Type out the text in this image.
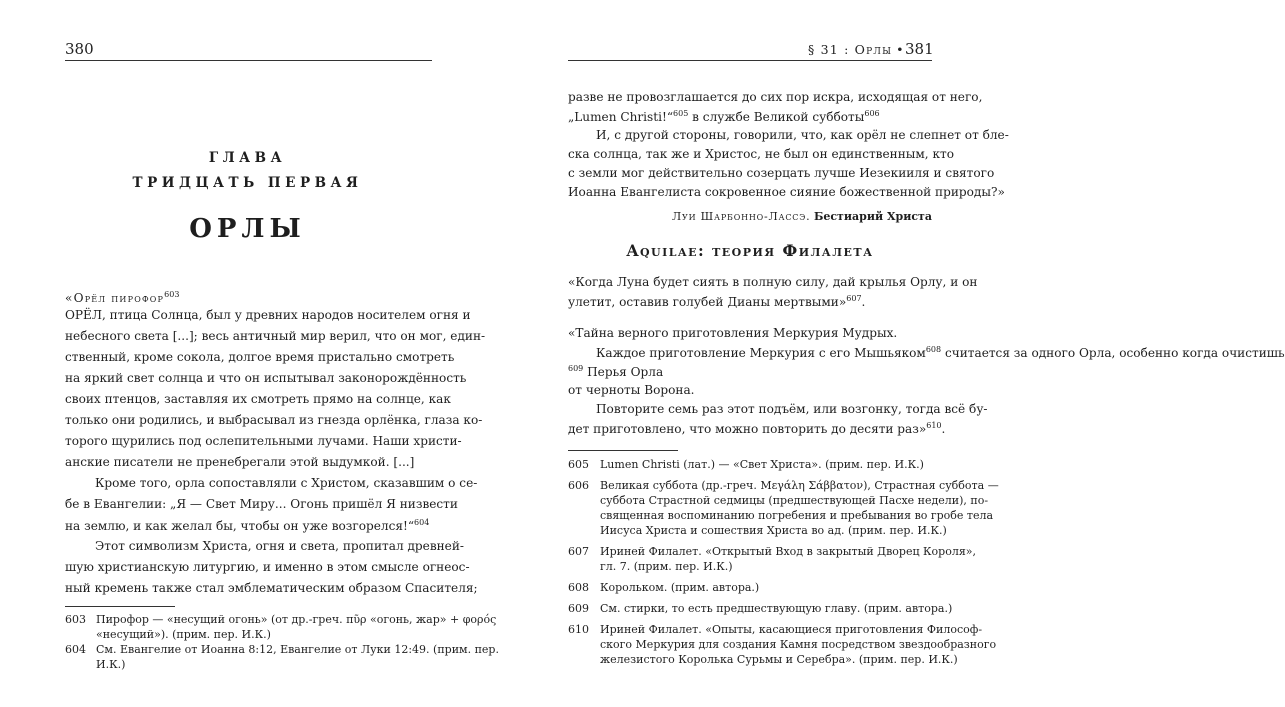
380
ГЛАВА
ТРИДЦАТЬ ПЕРВАЯ
ОРЛЫ
«Орёл пирофор$^{603}$
ОРЁЛ, птица Солнца, был у древних народов носителем огня и
небесного света [...]; весь античный мир верил, что он мог, един-
ственный, кроме сокола, долгое время пристально смотреть
на яркий свет солнца и что он испытывал законорождённость
своих птенцов, заставляя их смотреть прямо на солнце, как
только они родились, и выбрасывал из гнезда орлёнка, глаза ко-
торого щурились под ослепительными лучами. Наши христи-
анские писатели не пренебрегали этой выдумкой. [...]
Кроме того, орла сопоставляли с Христом, сказавшим о се-
бе в Евангелии: „Я — Свет Миру... Огонь пришёл Я низвести
на землю, и как желал бы, чтобы он уже возгорелся!“$^{604}$
Этот символизм Христа, огня и света, пропитал древней-
шую христианскую литургию, и именно в этом смысле огнеос-
ный кремень также стал эмблематическим образом Спасителя;
603 Пирофор — «несущий огонь» (от др.-греч. πῦρ «огонь, жар» + φορός
«несущий»). (прим. пер. И.К.)
604 См. Евангелие от Иоанна 8:12, Евангелие от Луки 12:49. (прим. пер.
И.К.)
§ 31 : Орлы • 381
разве не провозглашается до сих пор искра, исходящая от него,
„Lumen Christi!“$^{605}$ в службе Великой субботы$^{606}$
И, с другой стороны, говорили, что, как орёл не слепнет от бле-
ска солнца, так же и Христос, не был он единственным, кто
с земли мог действительно созерцать лучше Иезекииля и святого
Иоанна Евангелиста сокровенное сияние божественной природы?»
Луи Шарбонно-Лассэ. Бестиарий Христа
Aquilae: теория Филалета
«Когда Луна будет сиять в полную силу, дай крылья Орлу, и он
улетит, оставив голубей Дианы мертвыми»$^{607}$.
«Тайна верного приготовления Меркурия Мудрых.
Каждое приготовление Меркурия с его Мышьяком$^{608}$ считается за одного Орла, особенно когда очистишь
$^{609}$ Перья Орла
от черноты Ворона.
Повторите семь раз этот подъём, или возгонку, тогда всё бу-
дет приготовлено, что можно повторить до десяти раз»$^{610}$.
605 Lumen Christi (лат.) — «Свет Христа». (прим. пер. И.К.)
606 Великая суббота (др.-греч. Μεγάλη Σάββατον), Страстная суббота —
суббота Страстной седмицы (предшествующей Пасхе недели), по-
священная воспоминанию погребения и пребывания во гробе тела
Иисуса Христа и сошествия Христа во ад. (прим. пер. И.К.)
607 Ириней Филалет. «Открытый Вход в закрытый Дворец Короля»,
гл. 7. (прим. пер. И.К.)
608 Корольком. (прим. автора.)
609 См. стирки, то есть предшествующую главу. (прим. автора.)
610 Ириней Филалет. «Опыты, касающиеся приготовления Философ-
ского Меркурия для создания Камня посредством звездообразного
железистого Королька Сурьмы и Серебра». (прим. пер. И.К.)
